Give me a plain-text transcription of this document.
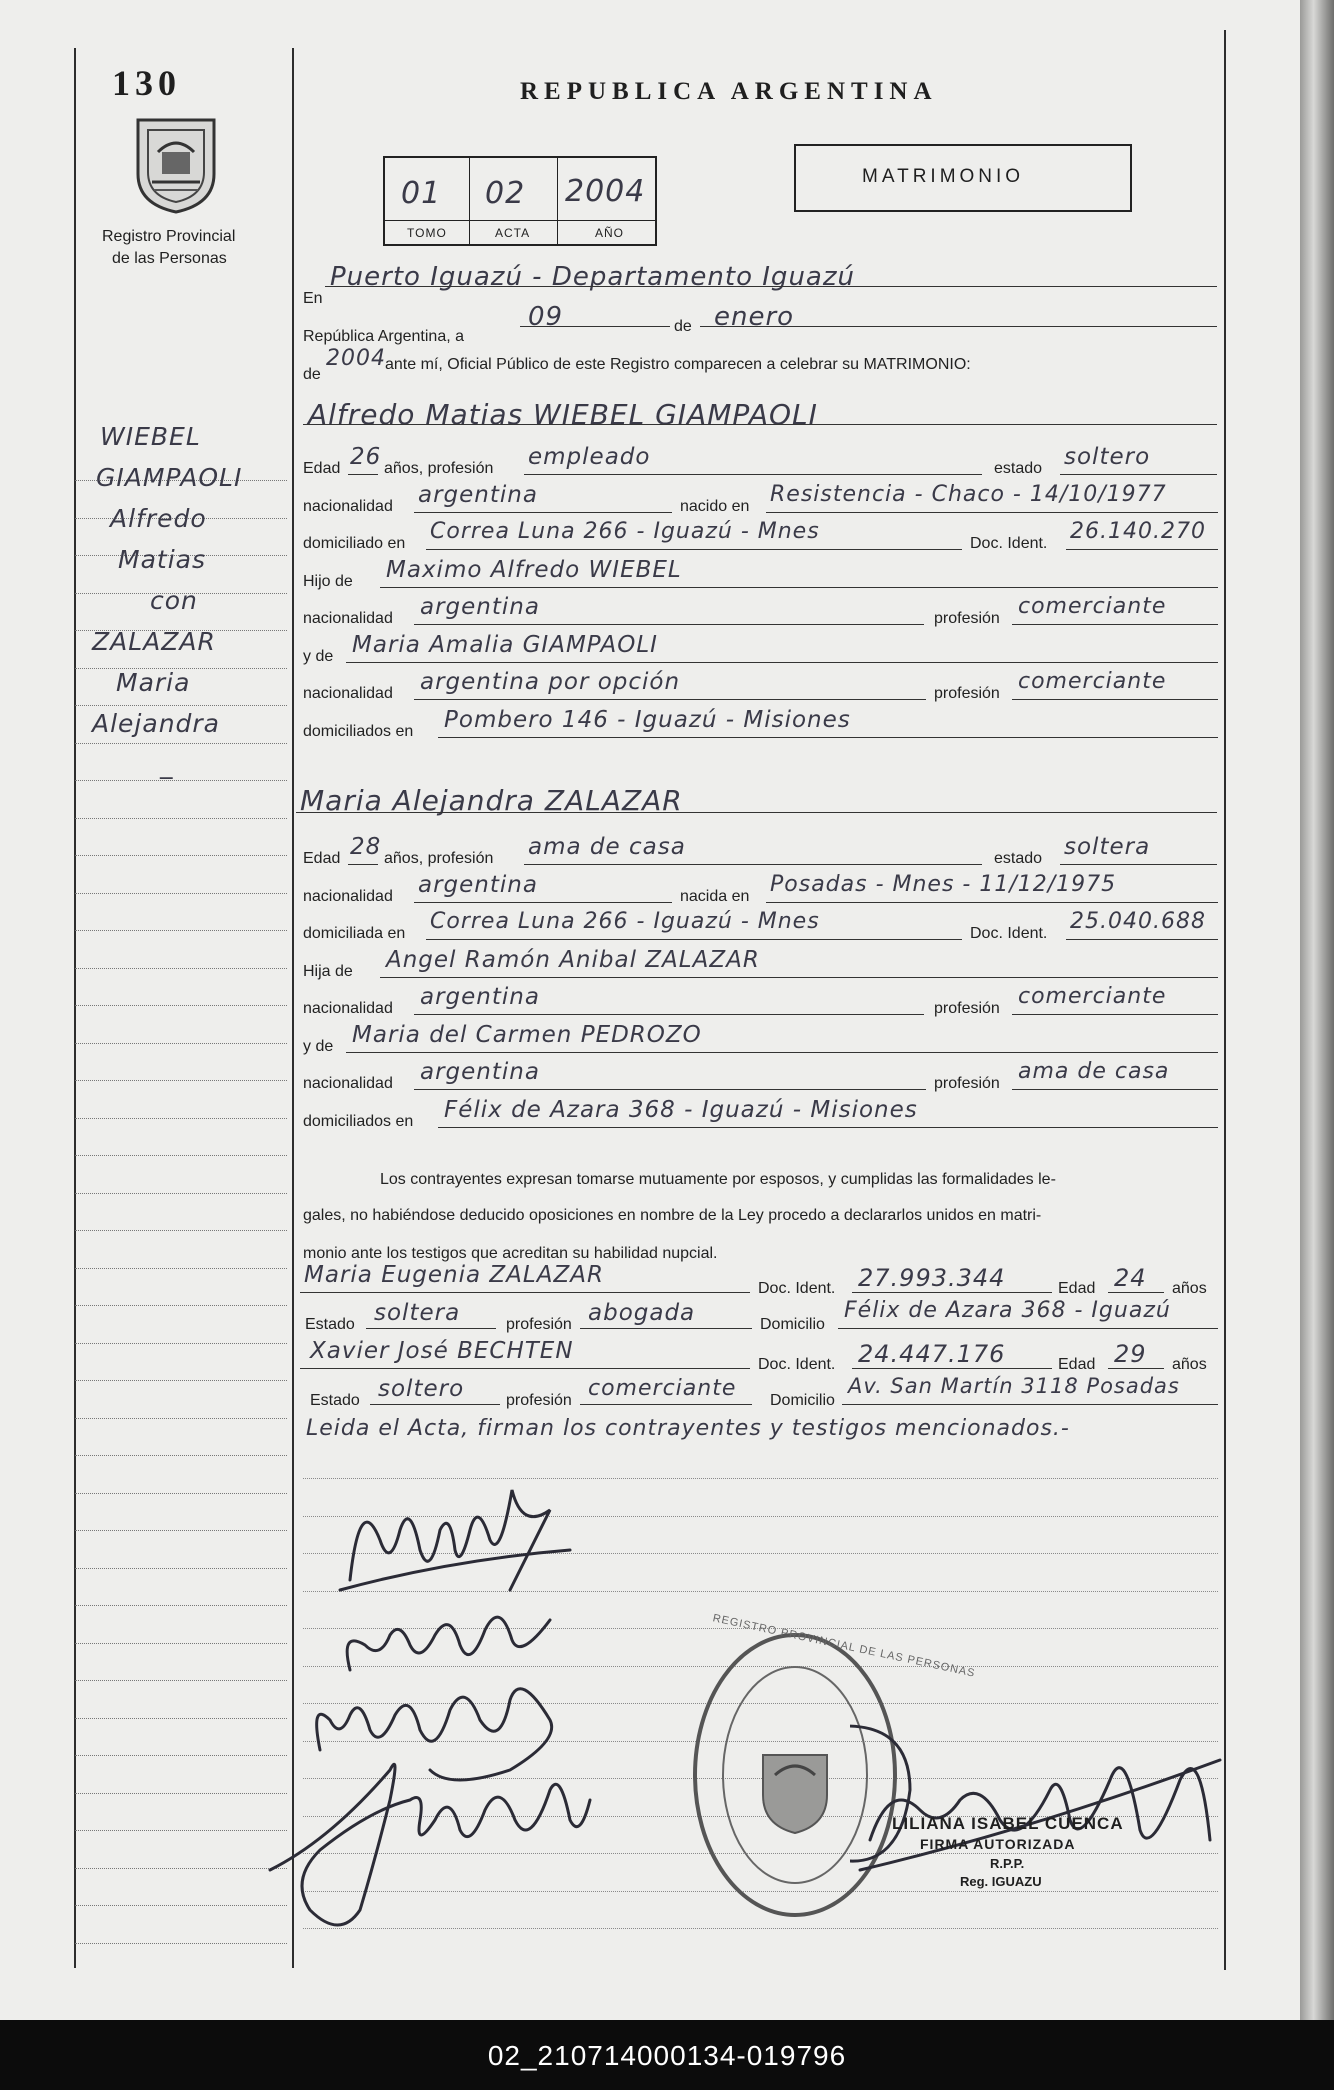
130
Registro Provincial
de las Personas
REPUBLICA ARGENTINA
01 02 2004
TOMO	ACTA	AÑO
MATRIMONIO
WIEBEL
GIAMPAOLI
Alfredo
Matias
con
ZALAZAR
Maria
Alejandra
_
En
Puerto Iguazú - Departamento Iguazú
República Argentina, a
09	de enero
de
2004 ante mí, Oficial Público de este Registro comparecen a celebrar su MATRIMONIO:
Alfredo Matias WIEBEL GIAMPAOLI
Edad 26 años, profesión empleado	estado soltero
nacionalidad argentina	nacido en Resistencia - Chaco - 14/10/1977
domiciliado en Correa Luna 266 - Iguazú - Mnes	Doc. Ident. 26.140.270
Hijo de Maximo Alfredo WIEBEL
nacionalidad argentina	profesión comerciante
y de Maria Amalia GIAMPAOLI
nacionalidad argentina por opción	profesión comerciante
domiciliados en Pombero 146 - Iguazú - Misiones
Edad 28 años, profesión ama de casa	estado soltera
nacionalidad argentina	nacida en Posadas - Mnes - 11/12/1975
domiciliada en Correa Luna 266 - Iguazú - Mnes	Doc. Ident. 25.040.688
Hija de Angel Ramón Anibal ZALAZAR
nacionalidad argentina	profesión comerciante
y de Maria del Carmen PEDROZO
nacionalidad argentina	profesión ama de casa
domiciliados en Félix de Azara 368 - Iguazú - Misiones
Maria Alejandra ZALAZAR
Los contrayentes expresan tomarse mutuamente por esposos, y cumplidas las formalidades le-
gales, no habiéndose deducido oposiciones en nombre de la Ley procedo a declararlos unidos en matri-
monio ante los testigos que acreditan su habilidad nupcial.
Maria Eugenia ZALAZAR
Doc. Ident. 27.993.344	Edad 24 años
Estado soltera	profesión abogada	Domicilio
Félix de Azara 368 - Iguazú
Xavier José BECHTEN
Doc. Ident. 24.447.176	Edad 29 años
Estado soltero	profesión comerciante Domicilio
Av. San Martín 3118 Posadas
Leida el Acta, firman los contrayentes y testigos mencionados.-
REGISTRO PROVINCIAL DE LAS PERSONAS
LILIANA ISABEL CUENCA
FIRMA AUTORIZADA
R.P.P.
Reg. IGUAZU
02_210714000134-019796
